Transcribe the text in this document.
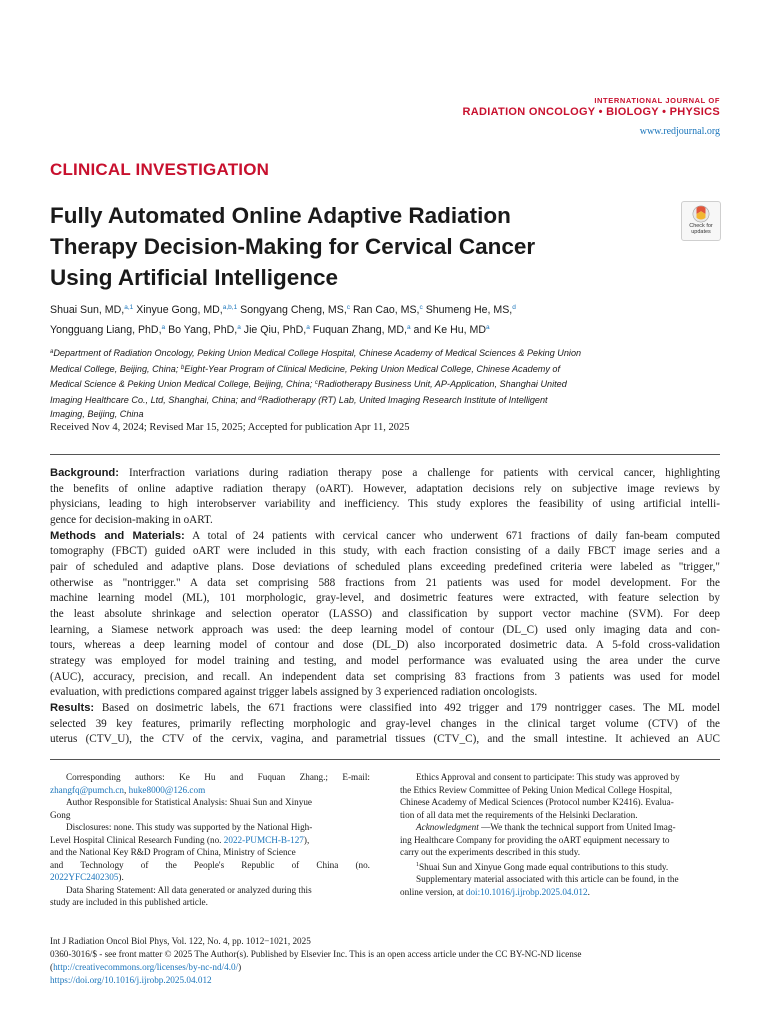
INTERNATIONAL JOURNAL OF
RADIATION ONCOLOGY • BIOLOGY • PHYSICS
www.redjournal.org
CLINICAL INVESTIGATION
Fully Automated Online Adaptive Radiation
Therapy Decision-Making for Cervical Cancer
Using Artificial Intelligence
Check for
updates
Shuai Sun, MD,$^{a,1}$ Xinyue Gong, MD,$^{a,b,1}$ Songyang Cheng, MS,$^c$ Ran Cao, MS,$^c$ Shumeng He, MS,$^d$
Yongguang Liang, PhD,$^a$ Bo Yang, PhD,$^a$ Jie Qiu, PhD,$^a$ Fuquan Zhang, MD,$^a$ and Ke Hu, $MD^a$
$^a$Department of Radiation Oncology, Peking Union Medical College Hospital, Chinese Academy of Medical Sciences & Peking Union
Medical College, Beijing, China; $^b$Eight-Year Program of Clinical Medicine, Peking Union Medical College, Chinese Academy of
Medical Science & Peking Union Medical College, Beijing, China; $^c$Radiotherapy Business Unit, AP-Application, Shanghai United
Imaging Healthcare Co., Ltd, Shanghai, China; and $^d$Radiotherapy (RT) Lab, United Imaging Research Institute of Intelligent
Imaging, Beijing, China
Received Nov 4, 2024; Revised Mar 15, 2025; Accepted for publication Apr 11, 2025
Background: Interfraction variations during radiation therapy pose a challenge for patients with cervical cancer, highlighting
the benefits of online adaptive radiation therapy (oART). However, adaptation decisions rely on subjective image reviews by
physicians, leading to high interobserver variability and inefficiency. This study explores the feasibility of using artificial intelli-
gence for decision-making in oART.
Methods and Materials: A total of 24 patients with cervical cancer who underwent 671 fractions of daily fan-beam computed
tomography (FBCT) guided oART were included in this study, with each fraction consisting of a daily FBCT image series and a
pair of scheduled and adaptive plans. Dose deviations of scheduled plans exceeding predefined criteria were labeled as "trigger,"
otherwise as "nontrigger." A data set comprising 588 fractions from 21 patients was used for model development. For the
machine learning model (ML), 101 morphologic, gray-level, and dosimetric features were extracted, with feature selection by
the least absolute shrinkage and selection operator (LASSO) and classification by support vector machine (SVM). For deep
learning, a Siamese network approach was used: the deep learning model of contour (DL_C) used only imaging data and con-
tours, whereas a deep learning model of contour and dose (DL_D) also incorporated dosimetric data. A 5-fold cross-validation
strategy was employed for model training and testing, and model performance was evaluated using the area under the curve
(AUC), accuracy, precision, and recall. An independent data set comprising 83 fractions from 3 patients was used for model
evaluation, with predictions compared against trigger labels assigned by 3 experienced radiation oncologists.
Results: Based on dosimetric labels, the 671 fractions were classified into 492 trigger and 179 nontrigger cases. The ML model
selected 39 key features, primarily reflecting morphologic and gray-level changes in the clinical target volume (CTV) of the
uterus (CTV_U), the CTV of the cervix, vagina, and parametrial tissues (CTV_C), and the small intestine. It achieved an AUC
Corresponding authors: Ke Hu and Fuquan Zhang.; E-mail:
zhangfq@pumch.cn, huke8000@126.com
Author Responsible for Statistical Analysis: Shuai Sun and Xinyue
Gong
Disclosures: none. This study was supported by the National High-
Level Hospital Clinical Research Funding (no. 2022-PUMCH-B-127),
and the National Key R&D Program of China, Ministry of Science
and Technology of the People's Republic of China (no.
2022YFC2402305).
Data Sharing Statement: All data generated or analyzed during this
study are included in this published article.
Ethics Approval and consent to participate: This study was approved by
the Ethics Review Committee of Peking Union Medical College Hospital,
Chinese Academy of Medical Sciences (Protocol number K2416). Evalua-
tion of all data met the requirements of the Helsinki Declaration.
Acknowledgment —We thank the technical support from United Imag-
ing Healthcare Company for providing the oART equipment necessary to
carry out the experiments described in this study.
$^1$Shuai Sun and Xinyue Gong made equal contributions to this study.
Supplementary material associated with this article can be found, in the
online version, at doi:10.1016/j.ijrobp.2025.04.012.
Int J Radiation Oncol Biol Phys, Vol. 122, No. 4, pp. 1012−1021, 2025
0360-3016/$ - see front matter © 2025 The Author(s). Published by Elsevier Inc. This is an open access article under the CC BY-NC-ND license
(http://creativecommons.org/licenses/by-nc-nd/4.0/)
https://doi.org/10.1016/j.ijrobp.2025.04.012
